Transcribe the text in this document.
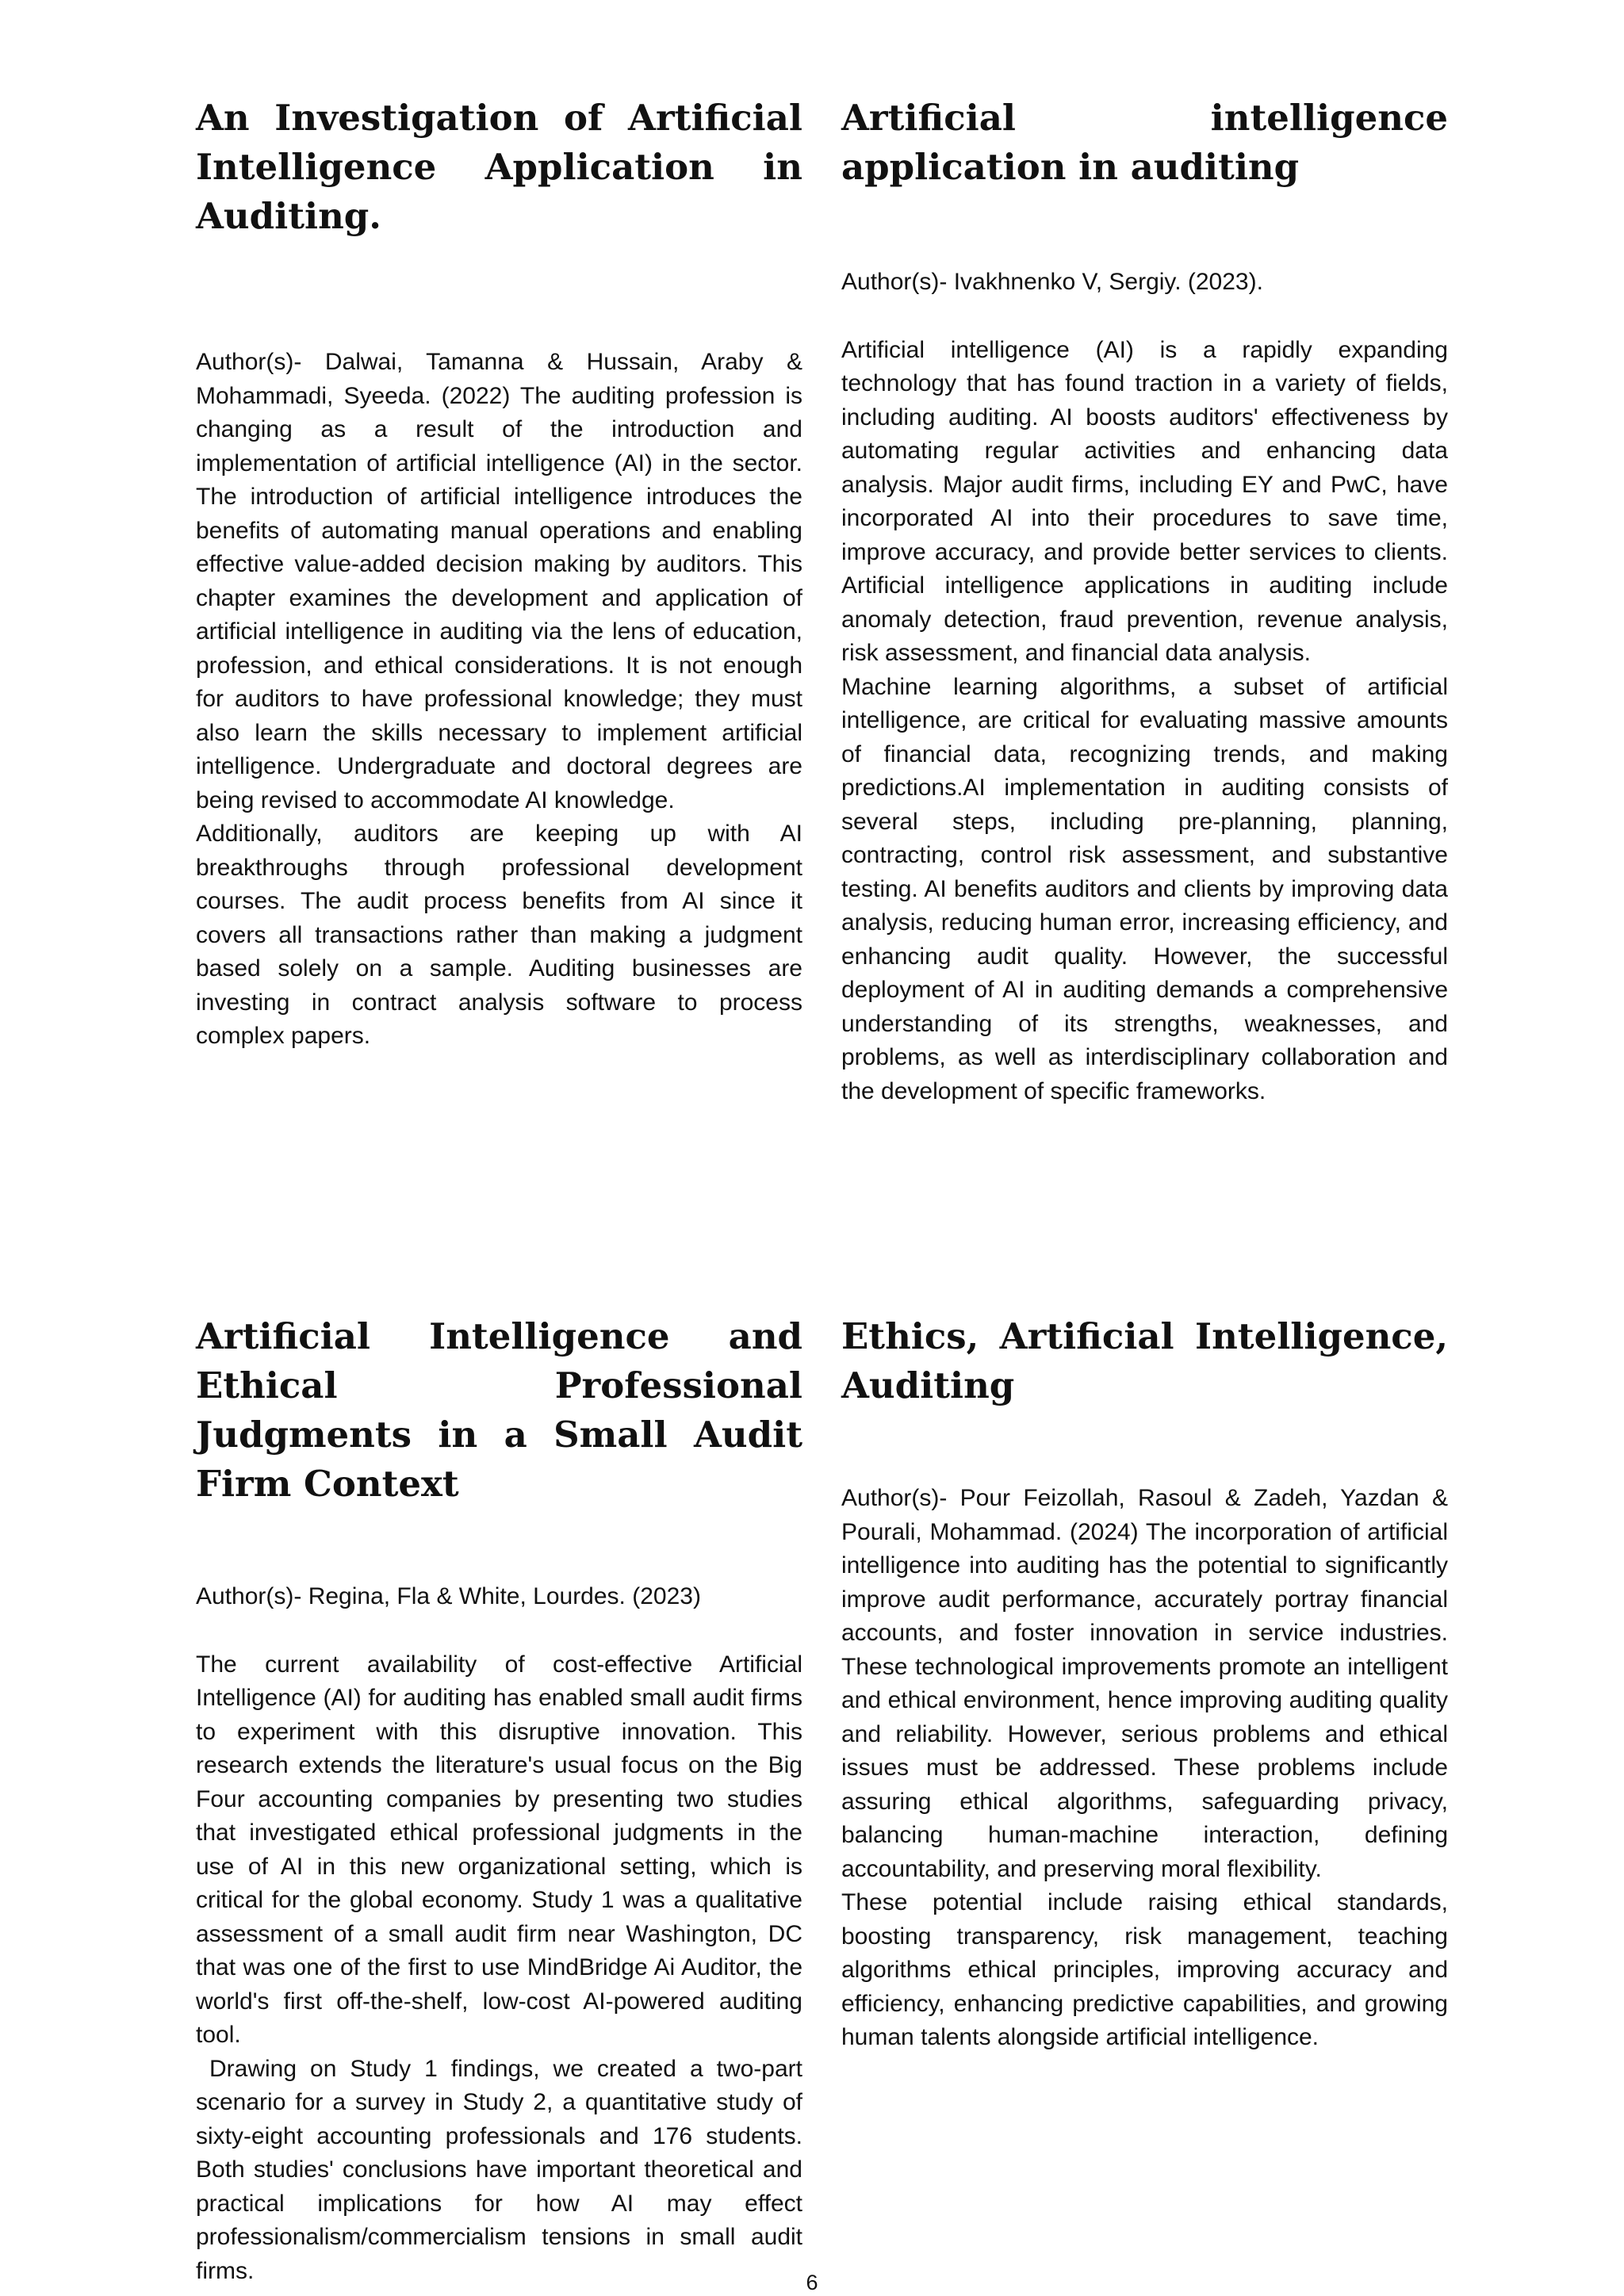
An Investigation of Artificial Intelligence Application in Auditing.

Author(s)- Dalwai, Tamanna & Hussain, Araby & Mohammadi, Syeeda. (2022) The auditing profession is changing as a result of the introduction and implementation of artificial intelligence (AI) in the sector. The introduction of artificial intelligence introduces the benefits of automating manual operations and enabling effective value-added decision making by auditors. This chapter examines the development and application of artificial intelligence in auditing via the lens of education, profession, and ethical considerations. It is not enough for auditors to have professional knowledge; they must also learn the skills necessary to implement artificial intelligence. Undergraduate and doctoral degrees are being revised to accommodate AI knowledge.

Additionally, auditors are keeping up with AI breakthroughs through professional development courses. The audit process benefits from AI since it covers all transactions rather than making a judgment based solely on a sample. Auditing businesses are investing in contract analysis software to process complex papers.

Artificial intelligence application in auditing

Author(s)- Ivakhnenko V, Sergiy. (2023).

Artificial intelligence (AI) is a rapidly expanding technology that has found traction in a variety of fields, including auditing. AI boosts auditors' effectiveness by automating regular activities and enhancing data analysis. Major audit firms, including EY and PwC, have incorporated AI into their procedures to save time, improve accuracy, and provide better services to clients. Artificial intelligence applications in auditing include anomaly detection, fraud prevention, revenue analysis, risk assessment, and financial data analysis.

Machine learning algorithms, a subset of artificial intelligence, are critical for evaluating massive amounts of financial data, recognizing trends, and making predictions.AI implementation in auditing consists of several steps, including pre-planning, planning, contracting, control risk assessment, and substantive testing. AI benefits auditors and clients by improving data analysis, reducing human error, increasing efficiency, and enhancing audit quality. However, the successful deployment of AI in auditing demands a comprehensive understanding of its strengths, weaknesses, and problems, as well as interdisciplinary collaboration and the development of specific frameworks.

Artificial Intelligence and Ethical Professional Judgments in a Small Audit Firm Context

Author(s)- Regina, Fla & White, Lourdes. (2023)

The current availability of cost-effective Artificial Intelligence (AI) for auditing has enabled small audit firms to experiment with this disruptive innovation. This research extends the literature's usual focus on the Big Four accounting companies by presenting two studies that investigated ethical professional judgments in the use of AI in this new organizational setting, which is critical for the global economy. Study 1 was a qualitative assessment of a small audit firm near Washington, DC that was one of the first to use MindBridge Ai Auditor, the world's first off-the-shelf, low-cost AI-powered auditing tool.

Drawing on Study 1 findings, we created a two-part scenario for a survey in Study 2, a quantitative study of sixty-eight accounting professionals and 176 students. Both studies' conclusions have important theoretical and practical implications for how AI may effect professionalism/commercialism tensions in small audit firms.

Ethics, Artificial Intelligence, Auditing

Author(s)- Pour Feizollah, Rasoul & Zadeh, Yazdan & Pourali, Mohammad. (2024) The incorporation of artificial intelligence into auditing has the potential to significantly improve audit performance, accurately portray financial accounts, and foster innovation in service industries. These technological improvements promote an intelligent and ethical environment, hence improving auditing quality and reliability. However, serious problems and ethical issues must be addressed. These problems include assuring ethical algorithms, safeguarding privacy, balancing human-machine interaction, defining accountability, and preserving moral flexibility.

These potential include raising ethical standards, boosting transparency, risk management, teaching algorithms ethical principles, improving accuracy and efficiency, enhancing predictive capabilities, and growing human talents alongside artificial intelligence.

6
